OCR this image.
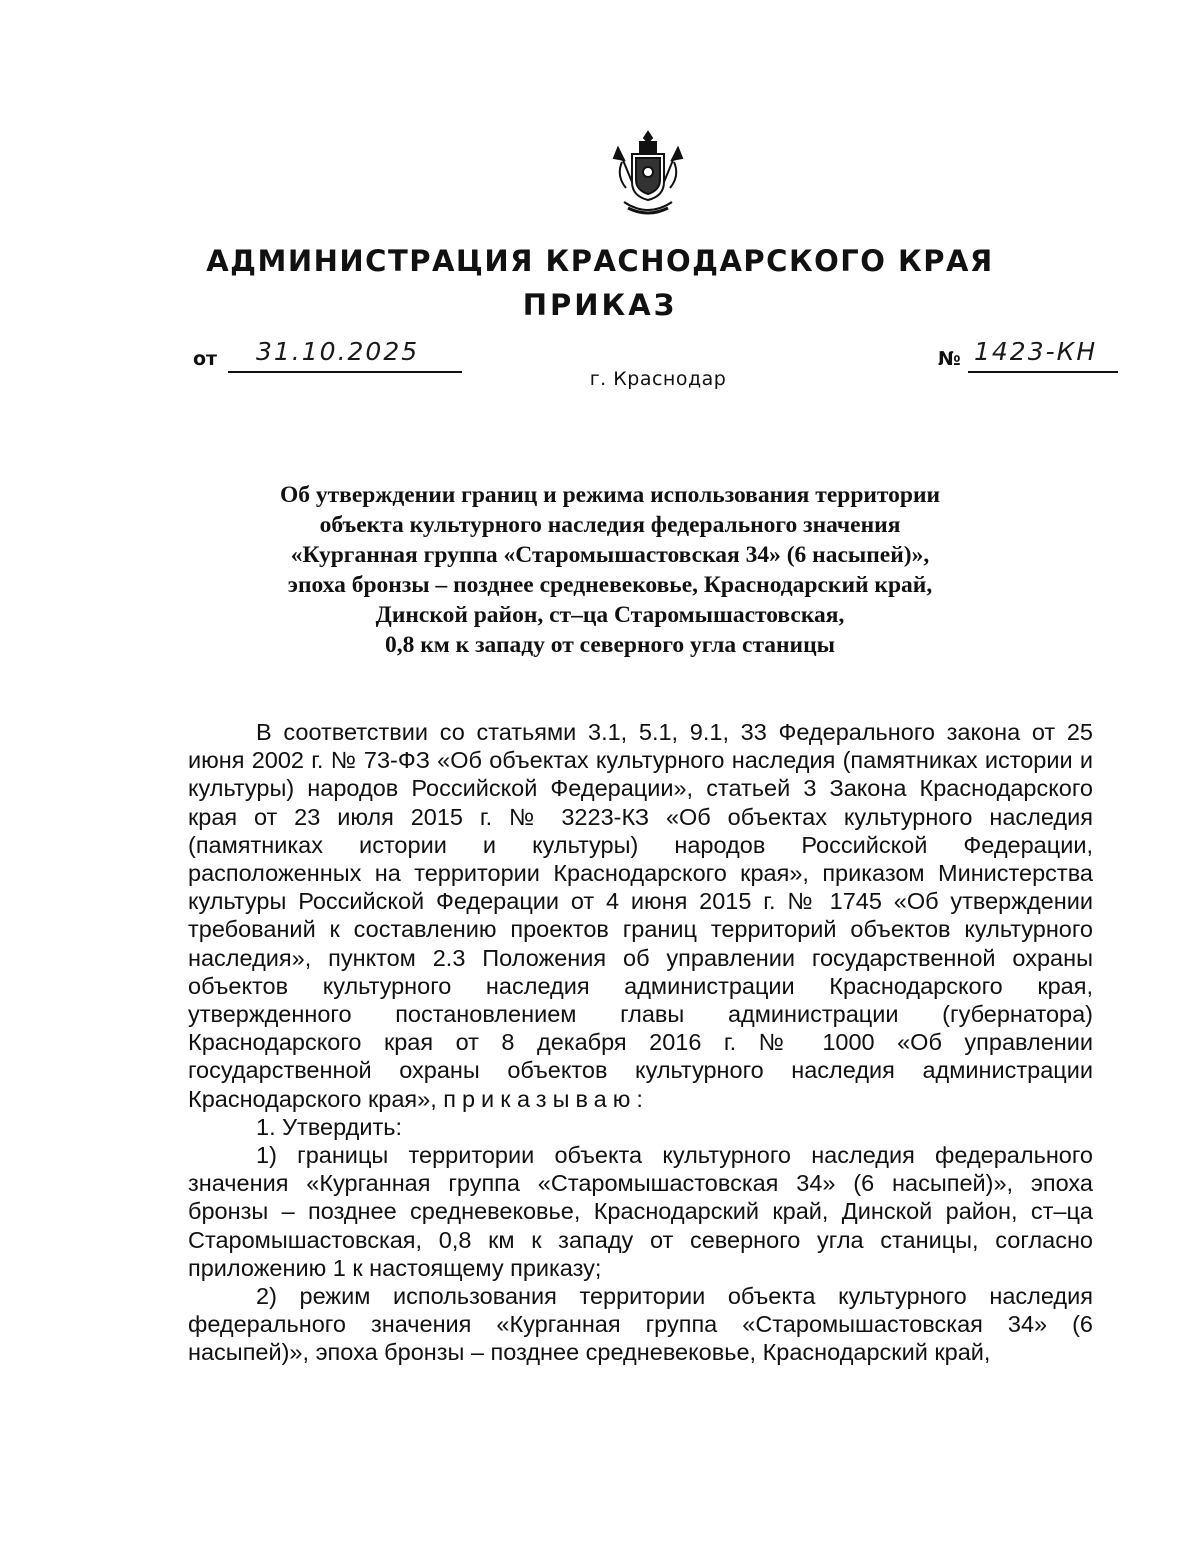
АДМИНИСТРАЦИЯ КРАСНОДАРСКОГО КРАЯ
ПРИКАЗ
от 31.10.2025	№ 1423-КН
г. Краснодар
Об утверждении границ и режима использования территории
объекта культурного наследия федерального значения
«Курганная группа «Старомышастовская 34» (6 насыпей)»,
эпоха бронзы – позднее средневековье, Краснодарский край,
Динской район, ст–ца Старомышастовская,
0,8 км к западу от северного угла станицы

В соответствии со статьями 3.1, 5.1, 9.1, 33 Федерального закона от 25 июня 2002 г. № 73-ФЗ «Об объектах культурного наследия (памятниках истории и культуры) народов Российской Федерации», статьей 3 Закона Краснодарского края от 23 июля 2015 г. № 3223-КЗ «Об объектах культурного наследия (памятниках истории и культуры) народов Российской Федерации, расположенных на территории Краснодарского края», приказом Министерства культуры Российской Федерации от 4 июня 2015 г. № 1745 «Об утверждении требований к составлению проектов границ территорий объектов культурного наследия», пунктом 2.3 Положения об управлении государственной охраны объектов культурного наследия администрации Краснодарского края, утвержденного постановлением главы администрации (губернатора) Краснодарского края от 8 декабря 2016 г. № 1000 «Об управлении государственной охраны объектов культурного наследия администрации Краснодарского края», приказываю:

1. Утвердить:

1) границы территории объекта культурного наследия федерального значения «Курганная группа «Старомышастовская 34» (6 насыпей)», эпоха бронзы – позднее средневековье, Краснодарский край, Динской район, ст–ца Старомышастовская, 0,8 км к западу от северного угла станицы, согласно приложению 1 к настоящему приказу;

2) режим использования территории объекта культурного наследия федерального значения «Курганная группа «Старомышастовская 34» (6 насыпей)», эпоха бронзы – позднее средневековье, Краснодарский край,
